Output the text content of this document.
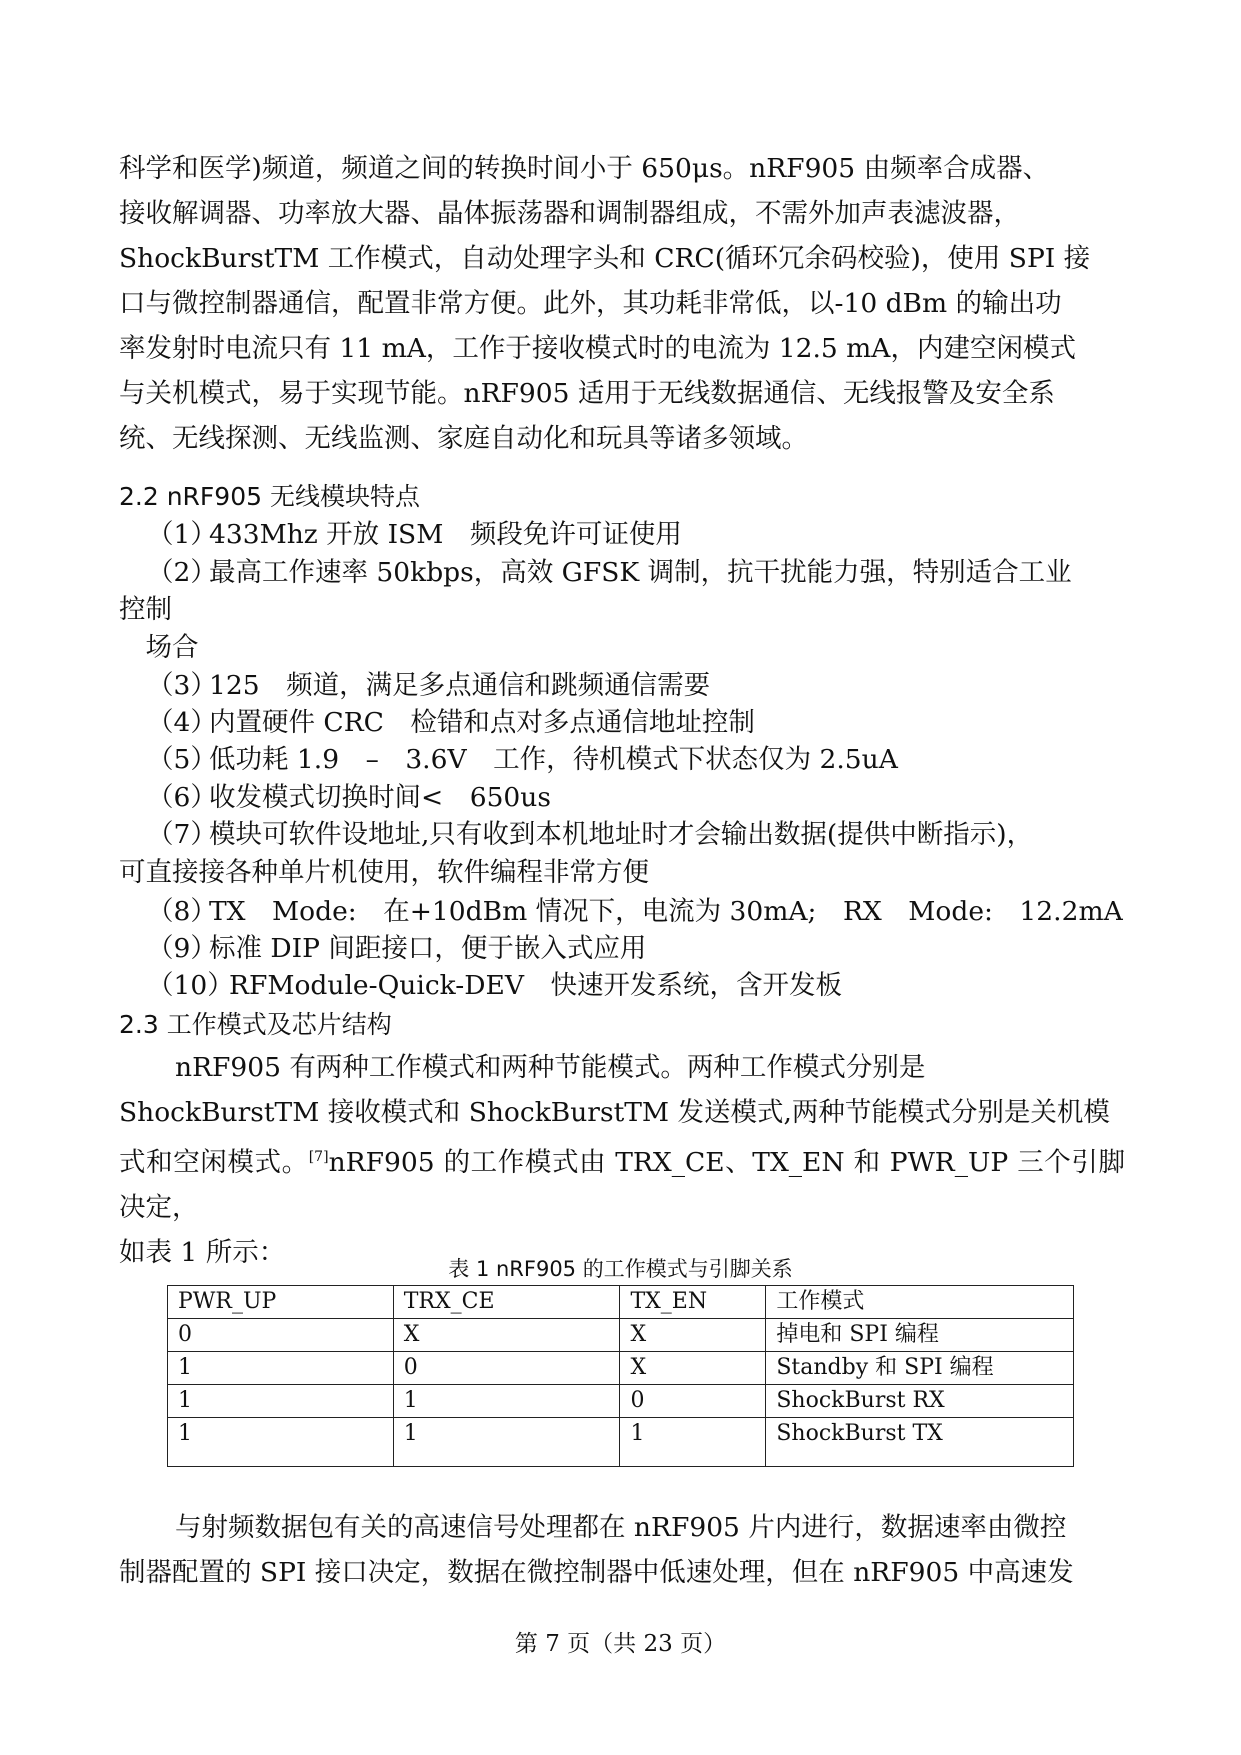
科学和医学)频道，频道之间的转换时间小于 650μs。nRF905 由频率合成器、
接收解调器、功率放大器、晶体振荡器和调制器组成，不需外加声表滤波器，
ShockBurstTM 工作模式，自动处理字头和 CRC(循环冗余码校验)，使用 SPI 接
口与微控制器通信，配置非常方便。此外，其功耗非常低，以-10 dBm 的输出功
率发射时电流只有 11 mA，工作于接收模式时的电流为 12.5 mA，内建空闲模式
与关机模式，易于实现节能。nRF905 适用于无线数据通信、无线报警及安全系
统、无线探测、无线监测、家庭自动化和玩具等诸多领域。
2.2 nRF905 无线模块特点
（1）433Mhz 开放 ISM　频段免许可证使用
（2）最高工作速率 50kbps，高效 GFSK 调制，抗干扰能力强，特别适合工业
控制
　场合
（3）125　频道，满足多点通信和跳频通信需要
（4）内置硬件 CRC　检错和点对多点通信地址控制
（5）低功耗 1.9　–　3.6V　工作，待机模式下状态仅为 2.5uA
（6）收发模式切换时间<　650us
（7）模块可软件设地址,只有收到本机地址时才会输出数据(提供中断指示)，
可直接接各种单片机使用，软件编程非常方便
（8）TX　Mode:　在+10dBm 情况下，电流为 30mA;　RX　Mode:　12.2mA
（9）标准 DIP 间距接口，便于嵌入式应用
（10）RFModule-Quick-DEV　快速开发系统，含开发板
2.3 工作模式及芯片结构
nRF905 有两种工作模式和两种节能模式。两种工作模式分别是
ShockBurstTM 接收模式和 ShockBurstTM 发送模式,两种节能模式分别是关机模
式和空闲模式。[7]nRF905 的工作模式由 TRX_CE、TX_EN 和 PWR_UP 三个引脚决定，
如表 1 所示：
表 1 nRF905 的工作模式与引脚关系
PWR_UP	TRX_CE	TX_EN	工作模式
0	X	X	掉电和 SPI 编程
1	0	X	Standby 和 SPI 编程
1	1	0	ShockBurst RX
1	1	1	ShockBurst TX
与射频数据包有关的高速信号处理都在 nRF905 片内进行，数据速率由微控
制器配置的 SPI 接口决定，数据在微控制器中低速处理，但在 nRF905 中高速发
第 7 页（共 23 页）
